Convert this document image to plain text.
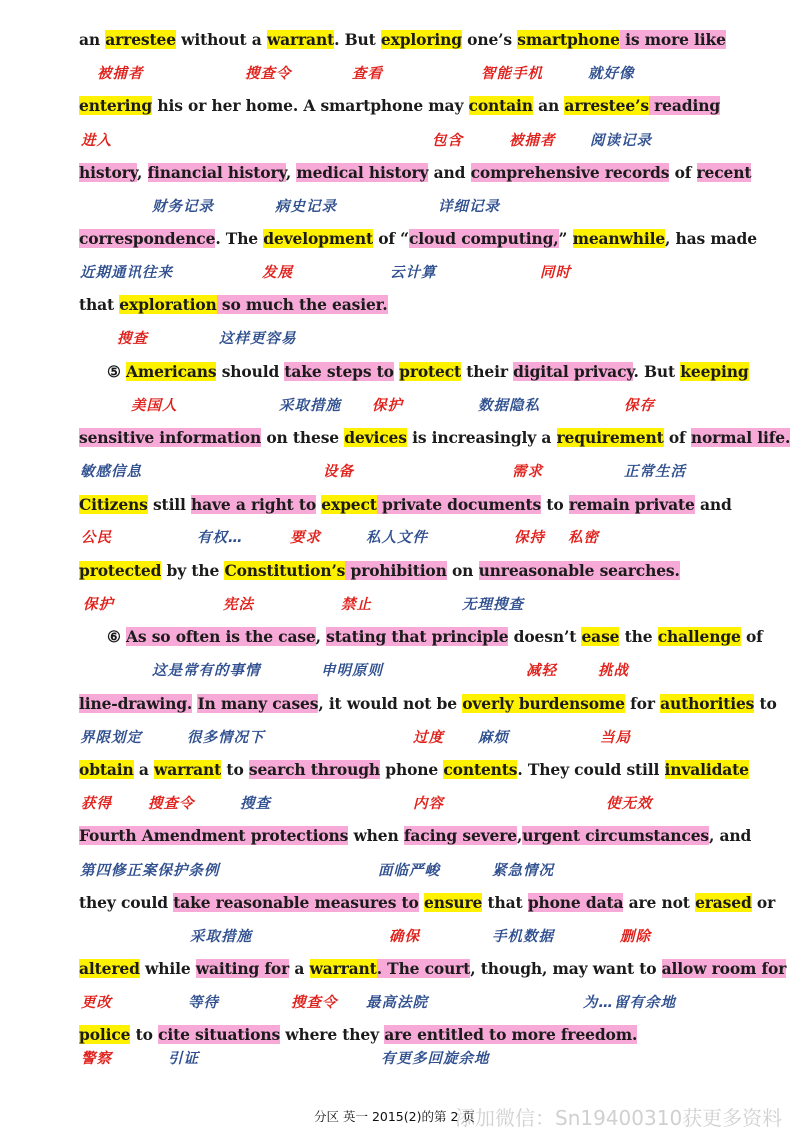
an arrestee without a warrant. But exploring one’s smartphone is more like
entering his or her home. A smartphone may contain an arrestee’s reading
history, financial history, medical history and comprehensive records of recent
correspondence. The development of “cloud computing,” meanwhile, has made
that exploration so much the easier.
⑤ Americans should take steps to protect their digital privacy. But keeping
sensitive information on these devices is increasingly a requirement of normal life.
Citizens still have a right to expect private documents to remain private and
protected by the Constitution’s prohibition on unreasonable searches.
⑥ As so often is the case, stating that principle doesn’t ease the challenge of
line-drawing. In many cases, it would not be overly burdensome for authorities to
obtain a warrant to search through phone contents. They could still invalidate
Fourth Amendment protections when facing severe,urgent circumstances, and
they could take reasonable measures to ensure that phone data are not erased or
altered while waiting for a warrant. The court, though, may want to allow room for
police to cite situations where they are entitled to more freedom.
被捕者	搜查令	查看	智能手机	就好像
进入	包含	被捕者 阅读记录
财务记录	病史记录	详细记录
近期通讯往来	发展	云计算	同时
搜查	这样更容易
美国人	采取措施 保护	数据隐私	保存
敏感信息	设备	需求	正常生活
公民	有权…	要求	私人文件	保持 私密
保护	宪法	禁止	无理搜查
这是常有的事情	申明原则	减轻	挑战
界限划定	很多情况下	过度 麻烦	当局
获得 搜查令	搜查	内容	使无效
第四修正案保护条例	面临严峻	紧急情况
采取措施	确保	手机数据	删除
更改	等待	搜查令 最高法院	为…留有余地
警察	引证	有更多回旋余地
添加微信：Sn19400310获更多资料
分区 英一 2015(2)的第 2 页
